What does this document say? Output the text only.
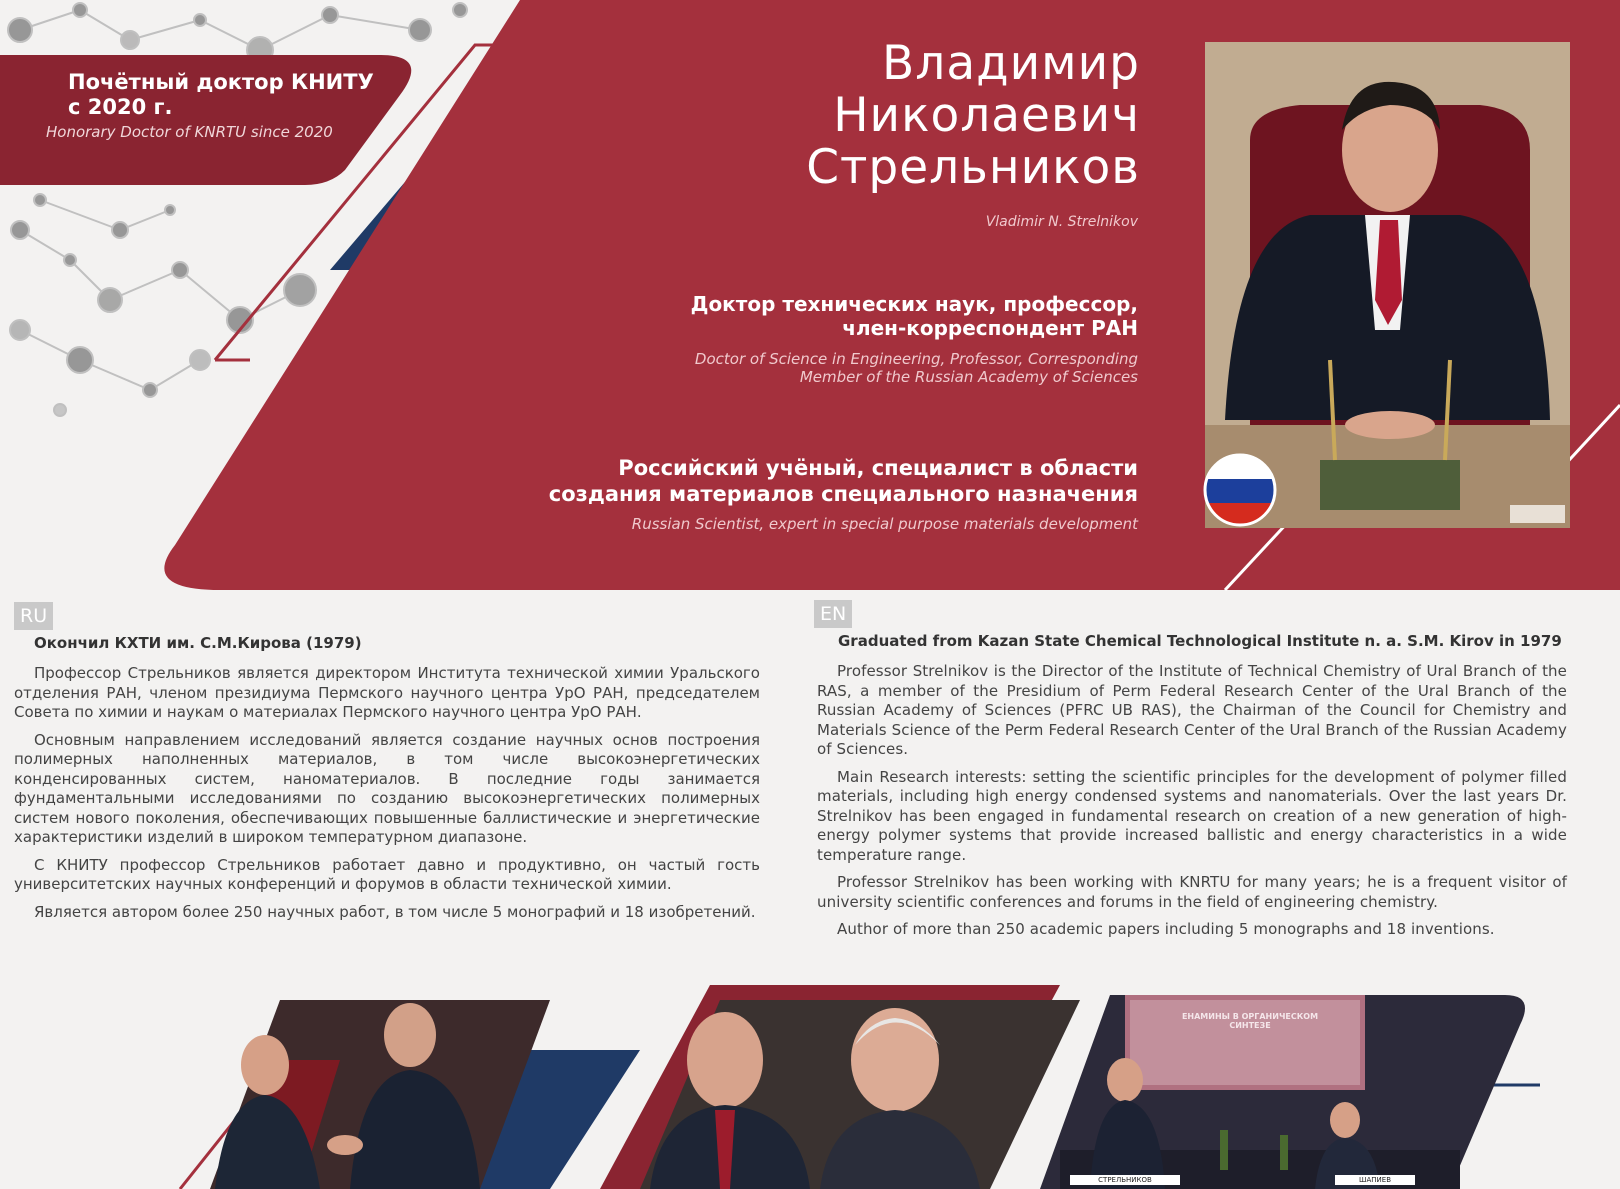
Почётный доктор КНИТУ с 2020 г.
Honorary Doctor of KNRTU since 2020
Владимир
Николаевич
Стрельников
Vladimir N. Strelnikov
Доктор технических наук, профессор,
член-корреспондент РАН
Doctor of Science in Engineering, Professor, Corresponding
Member of the Russian Academy of Sciences
Российский учёный, специалист в области
создания материалов специального назначения
Russian Scientist, expert in special purpose materials development
RU
Окончил КХТИ им. С.М.Кирова (1979)

Профессор Стрельников является директором Института технической химии Уральского отделения РАН, членом президиума Пермского научного центра УрО РАН, председателем Совета по химии и наукам о материалах Пермского научного центра УрО РАН.

Основным направлением исследований является создание научных основ построения полимерных наполненных материалов, в том числе высокоэнергетических конденсированных систем, наноматериалов. В последние годы занимается фундаментальными исследованиями по созданию высокоэнергетических полимерных систем нового поколения, обеспечивающих повышенные баллистические и энергетические характеристики изделий в широком температурном диапазоне.

С КНИТУ профессор Стрельников работает давно и продуктивно, он частый гость университетских научных конференций и форумов в области технической химии.

Является автором более 250 научных работ, в том числе 5 монографий и 18 изобретений.

EN
Graduated from Kazan State Chemical Technological Institute n. a. S.M. Kirov in 1979

Professor Strelnikov is the Director of the Institute of Technical Chemistry of Ural Branch of the RAS, a member of the Presidium of Perm Federal Research Center of the Ural Branch of the Russian Academy of Sciences (PFRC UB RAS), the Chairman of the Council for Chemistry and Materials Science of the Perm Federal Research Center of the Ural Branch of the Russian Academy of Sciences.

Main Research interests: setting the scientific principles for the development of polymer filled materials, including high energy condensed systems and nanomaterials. Over the last years Dr. Strelnikov has been engaged in fundamental research on creation of a new generation of high-energy polymer systems that provide increased ballistic and energy characteristics in a wide temperature range.

Professor Strelnikov has been working with KNRTU for many years; he is a frequent visitor of university scientific conferences and forums in the field of engineering chemistry.

Author of more than 250 academic papers including 5 monographs and 18 inventions.

СТРЕЛЬНИКОВ	ШАПИЕВ
ЕНАМИНЫ В ОРГАНИЧЕСКОМ СИНТЕЗЕ
